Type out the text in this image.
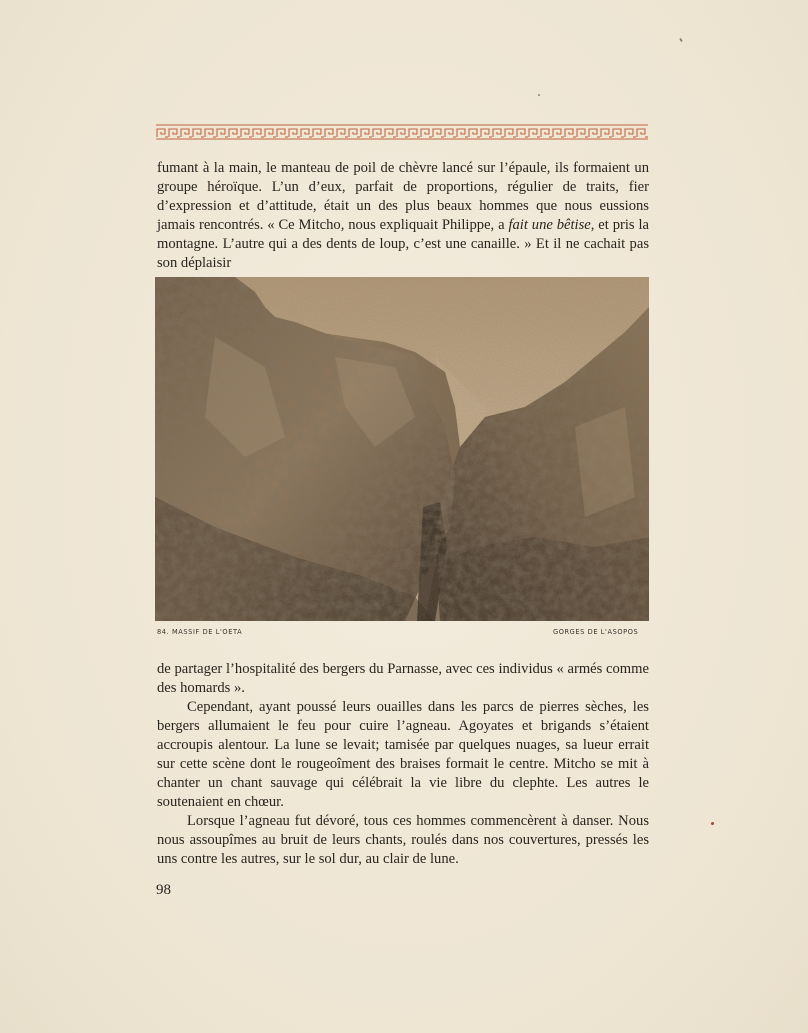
fumant à la main, le manteau de poil de chèvre lancé sur l’épaule, ils formaient un groupe héroïque. L’un d’eux, parfait de proportions, régulier de traits, fier d’expression et d’attitude, était un des plus beaux hommes que nous eussions jamais rencontrés. « Ce Mitcho, nous expliquait Philippe, a fait une bêtise, et pris la montagne. L’autre qui a des dents de loup, c’est une canaille. » Et il ne cachait pas son déplaisir

84. MASSIF DE L'OETA	GORGES DE L'ASOPOS

de partager l’hospitalité des bergers du Parnasse, avec ces individus « armés comme des homards ».

Cependant, ayant poussé leurs ouailles dans les parcs de pierres sèches, les bergers allumaient le feu pour cuire l’agneau. Agoyates et brigands s’étaient accroupis alentour. La lune se levait; tamisée par quelques nuages, sa lueur errait sur cette scène dont le rougeoîment des braises formait le centre. Mitcho se mit à chanter un chant sauvage qui célébrait la vie libre du clephte. Les autres le soutenaient en chœur.

Lorsque l’agneau fut dévoré, tous ces hommes commencèrent à danser. Nous nous assoupîmes au bruit de leurs chants, roulés dans nos couvertures, pressés les uns contre les autres, sur le sol dur, au clair de lune.

98
